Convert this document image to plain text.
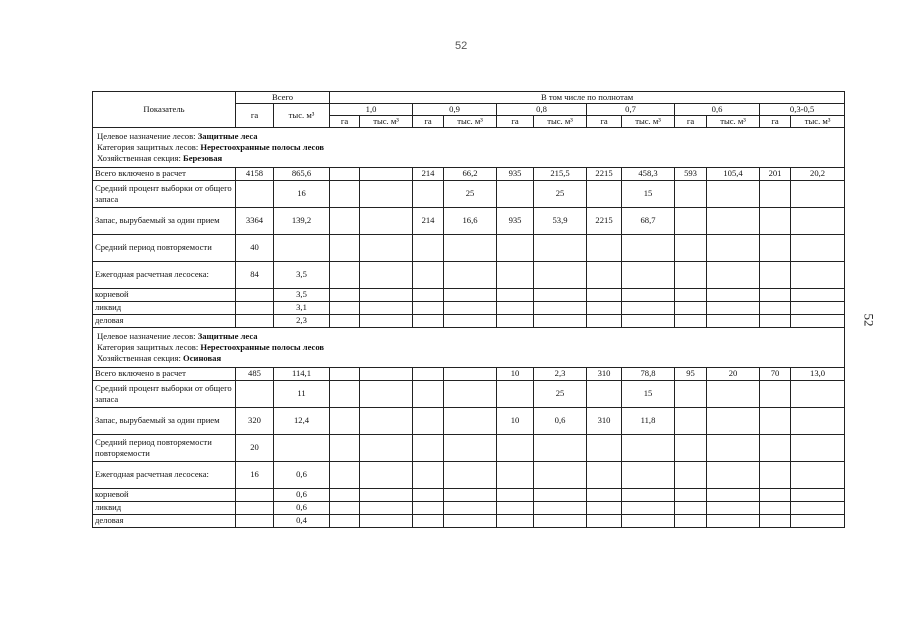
52
52
Показатель	Всего		В том числе по полнотам											
	га	тыс. м³	1,0		0,9		0,8		0,7		0,6		0,3-0,5	
			га	тыс. м³	га	тыс. м³	га	тыс. м³	га	тыс. м³	га	тыс. м³	га	тыс. м³

Целевое назначение лесов: Защитные леса
Категория защитных лесов: Нерестоохранные полосы лесов
Хозяйственная секция: Березовая														

Всего включено в расчет	4158	865,6			214	66,2	935	215,5	2215	458,3	593	105,4	201	20,2
Средний процент выборки от общего запаса		16				25		25		15				
Запас, вырубаемый за один прием	3364	139,2			214	16,6	935	53,9	2215	68,7				
Средний период повторяемости	40													
Ежегодная расчетная лесосека:	84	3,5												
корневой		3,5												
ликвид		3,1												
деловая		2,3												

Целевое назначение лесов: Защитные леса
Категория защитных лесов: Нерестоохранные полосы лесов
Хозяйственная секция: Осиновая														

Всего включено в расчет	485	114,1					10	2,3	310	78,8	95	20	70	13,0
Средний процент выборки от общего запаса		11						25		15				
Запас, вырубаемый за один прием	320	12,4					10	0,6	310	11,8				
Средний период повторяемости повторяемости	20													
Ежегодная расчетная лесосека:	16	0,6												
корневой		0,6												
ликвид		0,6												
деловая		0,4												
